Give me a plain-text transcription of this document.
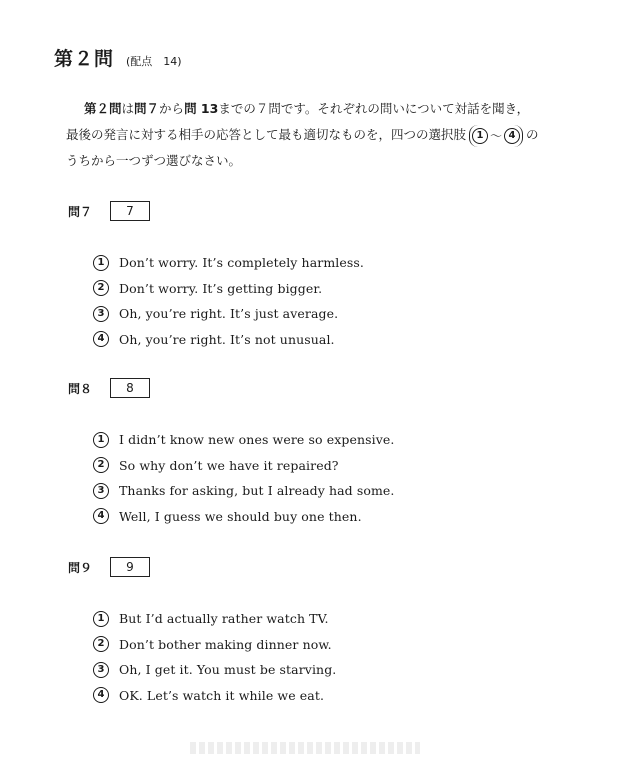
第２問 (配点　14)
第２問は問７から問 13までの７問です。それぞれの問いについて対話を聞き，
最後の発言に対する相手の応答として最も適切なものを，四つの選択肢	1 〜 4 の
うちから一つずつ選びなさい。
問７	7
1	Don’t worry. It’s completely harmless.
2	Don’t worry. It’s getting bigger.
3	Oh, you’re right. It’s just average.
4	Oh, you’re right. It’s not unusual.
問８	8
1	I didn’t know new ones were so expensive.
2	So why don’t we have it repaired?
3	Thanks for asking, but I already had some.
4	Well, I guess we should buy one then.
問９	9
1	But I’d actually rather watch TV.
2	Don’t bother making dinner now.
3	Oh, I get it. You must be starving.
4	OK. Let’s watch it while we eat.
